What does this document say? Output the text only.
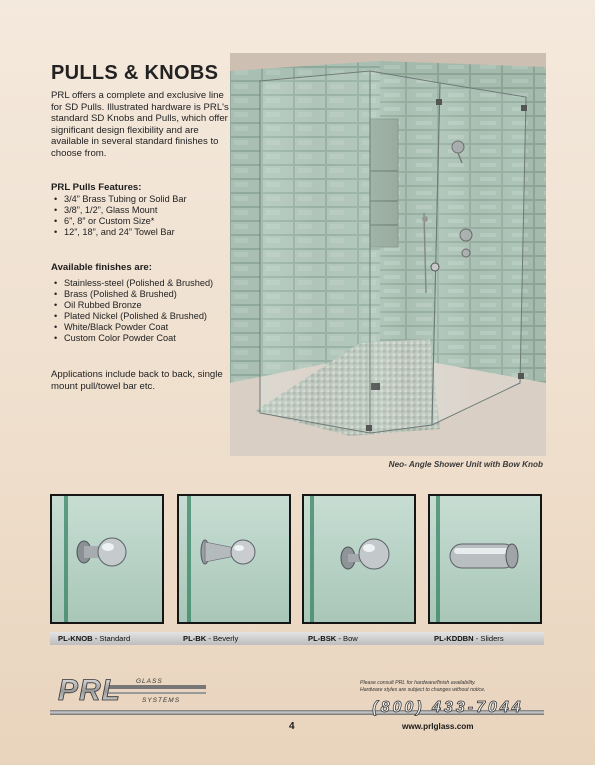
PULLS & KNOBS
PRL offers a complete and exclusive line for SD Pulls. Illustrated hardware is PRL's standard SD Knobs and Pulls, which offer significant design flexibility and are available in several standard finishes to choose from.
PRL Pulls Features:
• 3/4” Brass Tubing or Solid Bar
• 3/8”, 1/2”, Glass Mount
• 6”, 8” or Custom Size*
• 12”, 18”, and 24” Towel Bar
Available finishes are:
• Stainless-steel (Polished & Brushed)
• Brass (Polished & Brushed)
• Oil Rubbed Bronze
• Plated Nickel (Polished & Brushed)
• White/Black Powder Coat
• Custom Color Powder Coat
Applications include back to back, single mount pull/towel bar etc.
Neo- Angle Shower Unit with Bow Knob
PL-KNOB - Standard	PL-BK - Beverly	PL-BSK - Bow	PL-KDDBN - Sliders
PRL GLASS
SYSTEMS
Please consult PRL for hardware/finish availability.
Hardware styles are subject to changes without notice.
(800) 433-7044
4	www.prlglass.com
